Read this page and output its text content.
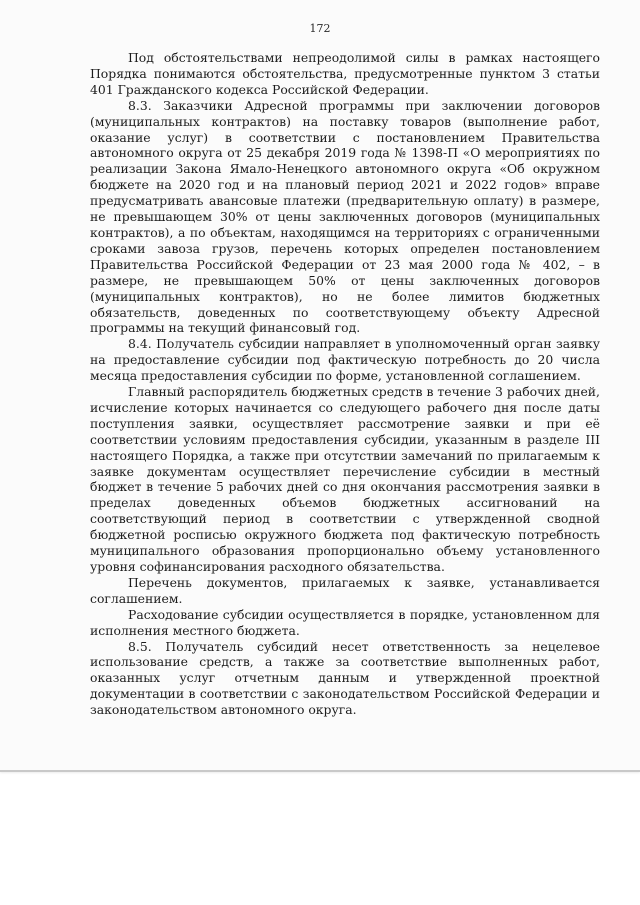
172

Под обстоятельствами непреодолимой силы в рамках настоящего Порядка понимаются обстоятельства, предусмотренные пунктом 3 статьи 401 Гражданского кодекса Российской Федерации.

8.3. Заказчики Адресной программы при заключении договоров (муниципальных контрактов) на поставку товаров (выполнение работ, оказание услуг) в соответствии с постановлением Правительства автономного округа от 25 декабря 2019 года № 1398-П «О мероприятиях по реализации Закона Ямало-Ненецкого автономного округа «Об окружном бюджете на 2020 год и на плановый период 2021 и 2022 годов» вправе предусматривать авансовые платежи (предварительную оплату) в размере, не превышающем 30% от цены заключенных договоров (муниципальных контрактов), а по объектам, находящимся на территориях с ограниченными сроками завоза грузов, перечень которых определен постановлением Правительства Российской Федерации от 23 мая 2000 года № 402, – в размере, не превышающем 50% от цены заключенных договоров (муниципальных контрактов), но не более лимитов бюджетных обязательств, доведенных по соответствующему объекту Адресной программы на текущий финансовый год.

8.4. Получатель субсидии направляет в уполномоченный орган заявку на предоставление субсидии под фактическую потребность до 20 числа месяца предоставления субсидии по форме, установленной соглашением.

Главный распорядитель бюджетных средств в течение 3 рабочих дней, исчисление которых начинается со следующего рабочего дня после даты поступления заявки, осуществляет рассмотрение заявки и при её соответствии условиям предоставления субсидии, указанным в разделе III настоящего Порядка, а также при отсутствии замечаний по прилагаемым к заявке документам осуществляет перечисление субсидии в местный бюджет в течение 5 рабочих дней со дня окончания рассмотрения заявки в пределах доведенных объемов бюджетных ассигнований на соответствующий период в соответствии с утвержденной сводной бюджетной росписью окружного бюджета под фактическую потребность муниципального образования пропорционально объему установленного уровня софинансирования расходного обязательства.

Перечень документов, прилагаемых к заявке, устанавливается соглашением.

Расходование субсидии осуществляется в порядке, установленном для исполнения местного бюджета.

8.5. Получатель субсидий несет ответственность за нецелевое использование средств, а также за соответствие выполненных работ, оказанных услуг отчетным данным и утвержденной проектной документации в соответствии с законодательством Российской Федерации и законодательством автономного округа.
